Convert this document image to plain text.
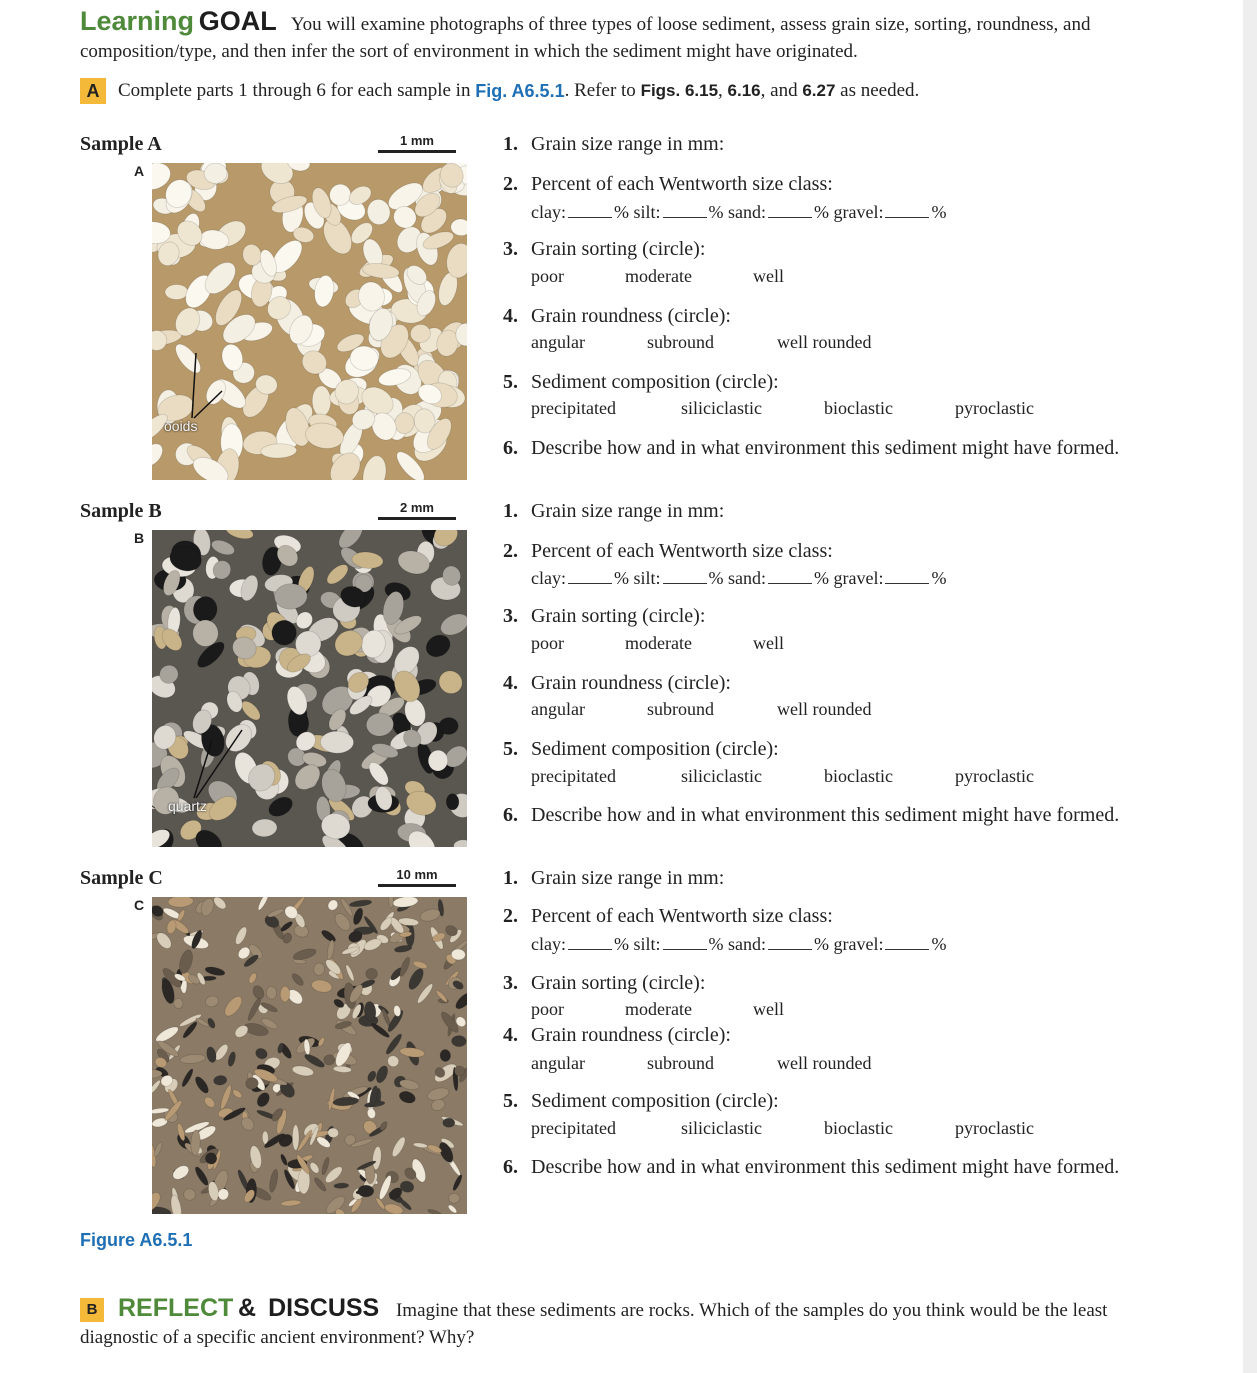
Learning GOAL You will examine photographs of three types of loose sediment, assess grain size, sorting, roundness, and composition/type, and then infer the sort of environment in which the sediment might have originated.
A Complete parts 1 through 6 for each sample in
Fig. A6.5.1 . Refer to
Figs. 6.15 ,
6.16 , and
6.27
as needed.
Sample A	1 mm
A
ooids
1. Grain size range in mm:
2. Percent of each Wentworth size class:
clay:	% silt:	% sand:	% gravel:	%
3. Grain sorting (circle):
poor	moderate	well
4. Grain roundness (circle):
angular	subround	well rounded
5. Sediment composition (circle):
precipitated	siliciclastic	bioclastic	pyroclastic
6. Describe how and in what environment this sediment might have formed.
Sample B	2 mm
B
quartz
1. Grain size range in mm:
2. Percent of each Wentworth size class:
clay:	% silt:	% sand:	% gravel:	%
3. Grain sorting (circle):
poor	moderate	well
4. Grain roundness (circle):
angular	subround	well rounded
5. Sediment composition (circle):
precipitated	siliciclastic	bioclastic	pyroclastic
6. Describe how and in what environment this sediment might have formed.
Sample C	10 mm
C
1. Grain size range in mm:
2. Percent of each Wentworth size class:
clay:	% silt:	% sand:	% gravel:	%
3. Grain sorting (circle):
poor	moderate	well
4. Grain roundness (circle):
angular	subround	well rounded
5. Sediment composition (circle):
precipitated	siliciclastic	bioclastic	pyroclastic
6. Describe how and in what environment this sediment might have formed.
Figure A6.5.1
B REFLECT & DISCUSS Imagine that these sediments are rocks. Which of the samples do you think would be the least diagnostic of a specific ancient environment? Why?
